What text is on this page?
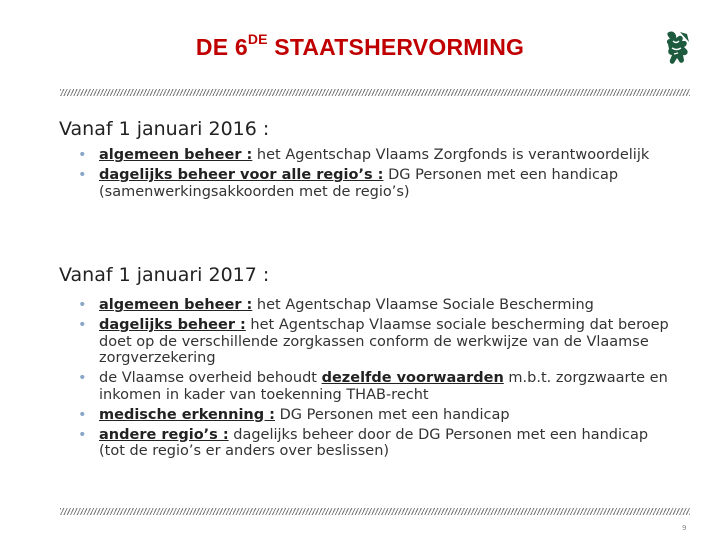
DE 6DE STAATSHERVORMING
Vanaf 1 januari 2016 :
• algemeen beheer : het Agentschap Vlaams Zorgfonds is verantwoordelijk
• dagelijks beheer voor alle regio’s : DG Personen met een handicap (samenwerkingsakkoorden met de regio’s)
Vanaf 1 januari 2017 :
• algemeen beheer : het Agentschap Vlaamse Sociale Bescherming
• dagelijks beheer : het Agentschap Vlaamse sociale bescherming dat beroep doet op de verschillende zorgkassen conform de werkwijze van de Vlaamse zorgverzekering
• de Vlaamse overheid behoudt dezelfde voorwaarden m.b.t. zorgzwaarte en inkomen in kader van toekenning THAB-recht
• medische erkenning : DG Personen met een handicap
• andere regio’s : dagelijks beheer door de DG Personen met een handicap (tot de regio’s er anders over beslissen)
9
